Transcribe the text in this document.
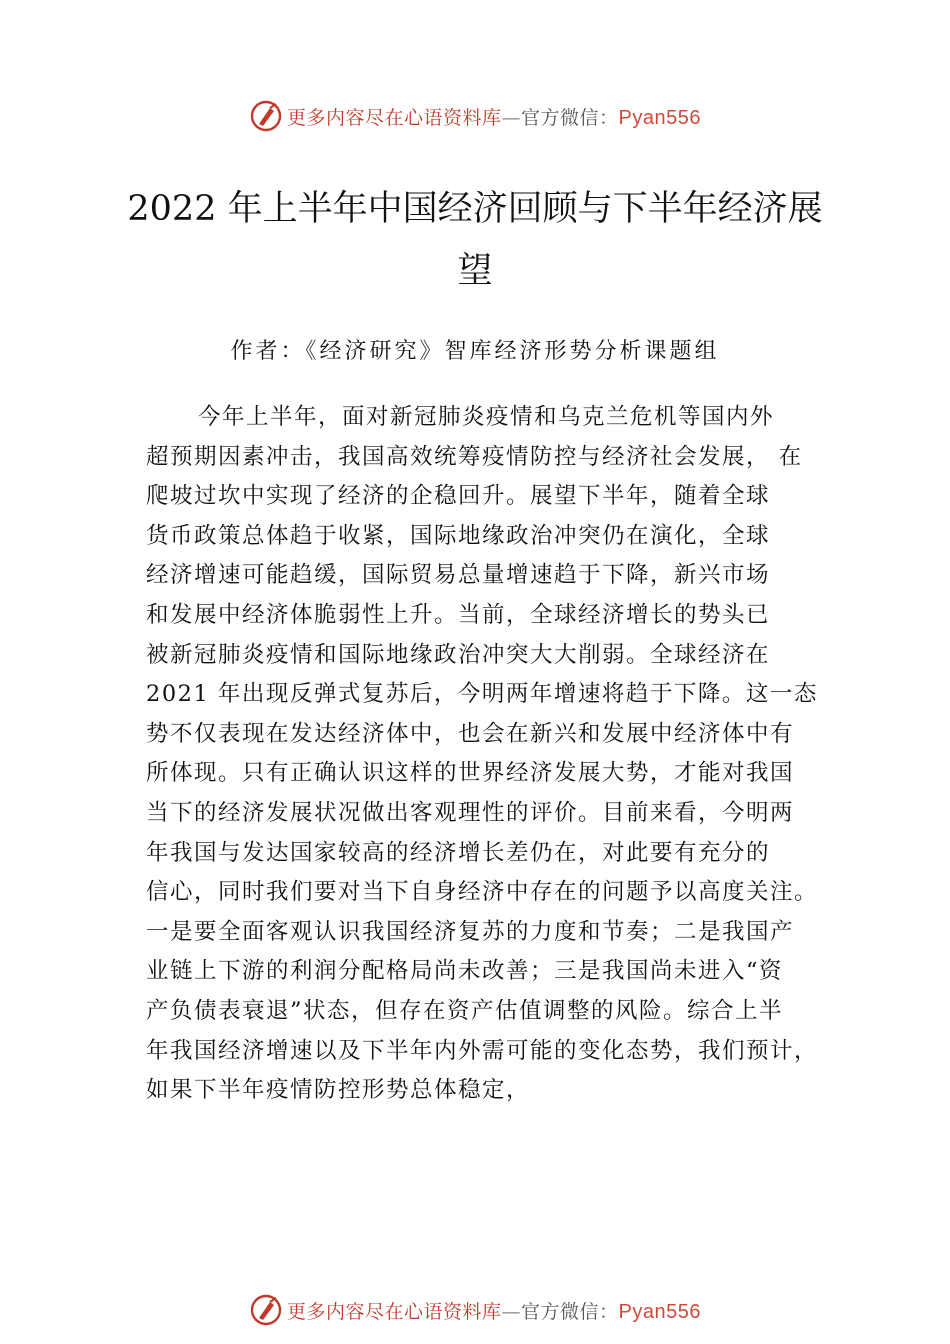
更多内容尽在心语资料库—官方微信：Pyan556
2022 年上半年中国经济回顾与下半年经济展望
作者：《经济研究》智库经济形势分析课题组

今年上半年，面对新冠肺炎疫情和乌克兰危机等国内外
超预期因素冲击，我国高效统筹疫情防控与经济社会发展， 在
爬坡过坎中实现了经济的企稳回升。展望下半年，随着全球
货币政策总体趋于收紧，国际地缘政治冲突仍在演化，全球
经济增速可能趋缓，国际贸易总量增速趋于下降，新兴市场
和发展中经济体脆弱性上升。当前，全球经济增长的势头已
被新冠肺炎疫情和国际地缘政治冲突大大削弱。全球经济在
2021 年出现反弹式复苏后，今明两年增速将趋于下降。这一态
势不仅表现在发达经济体中，也会在新兴和发展中经济体中有
所体现。只有正确认识这样的世界经济发展大势，才能对我国
当下的经济发展状况做出客观理性的评价。目前来看，今明两
年我国与发达国家较高的经济增长差仍在，对此要有充分的
信心，同时我们要对当下自身经济中存在的问题予以高度关注。
一是要全面客观认识我国经济复苏的力度和节奏；二是我国产
业链上下游的利润分配格局尚未改善；三是我国尚未进入“资
产负债表衰退”状态，但存在资产估值调整的风险。综合上半
年我国经济增速以及下半年内外需可能的变化态势，我们预计，
如果下半年疫情防控形势总体稳定，

更多内容尽在心语资料库—官方微信：Pyan556
